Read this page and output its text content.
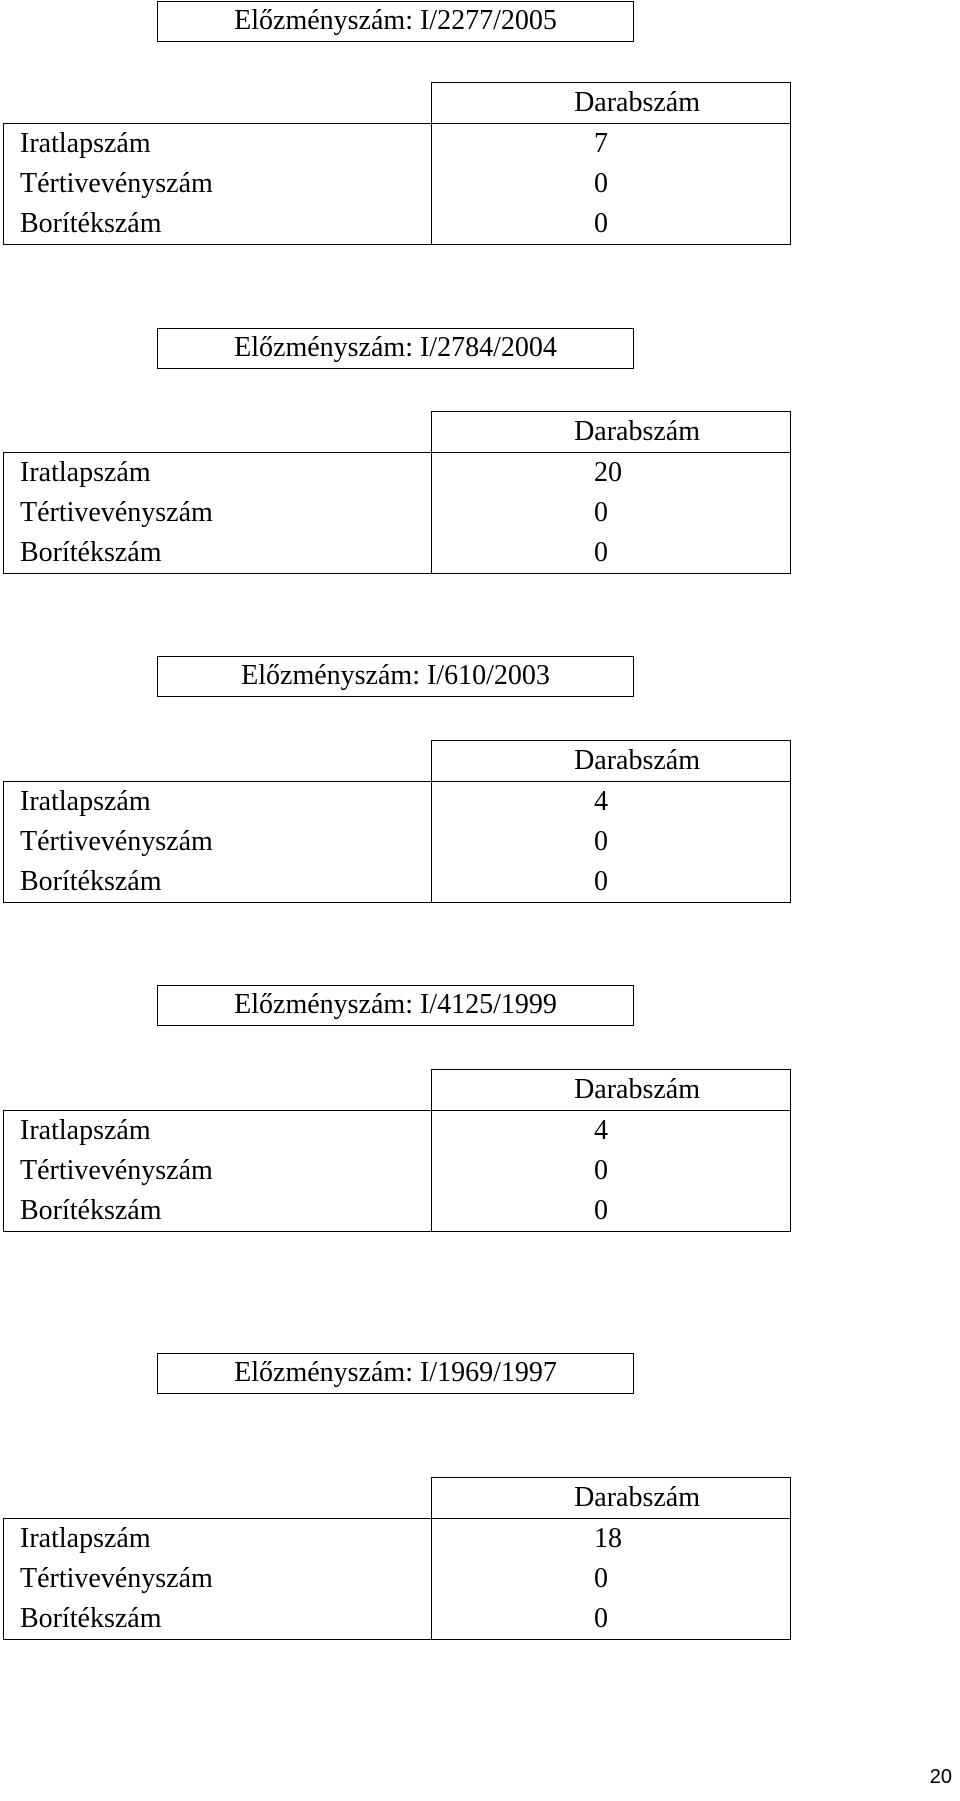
Előzményszám: I/2277/2005
	Darabszám
Iratlapszám	7
Tértivevényszám	0
Borítékszám	0
Előzményszám: I/2784/2004
	Darabszám
Iratlapszám	20
Tértivevényszám	0
Borítékszám	0
Előzményszám: I/610/2003
	Darabszám
Iratlapszám	4
Tértivevényszám	0
Borítékszám	0
Előzményszám: I/4125/1999
	Darabszám
Iratlapszám	4
Tértivevényszám	0
Borítékszám	0
Előzményszám: I/1969/1997
	Darabszám
Iratlapszám	18
Tértivevényszám	0
Borítékszám	0
20
